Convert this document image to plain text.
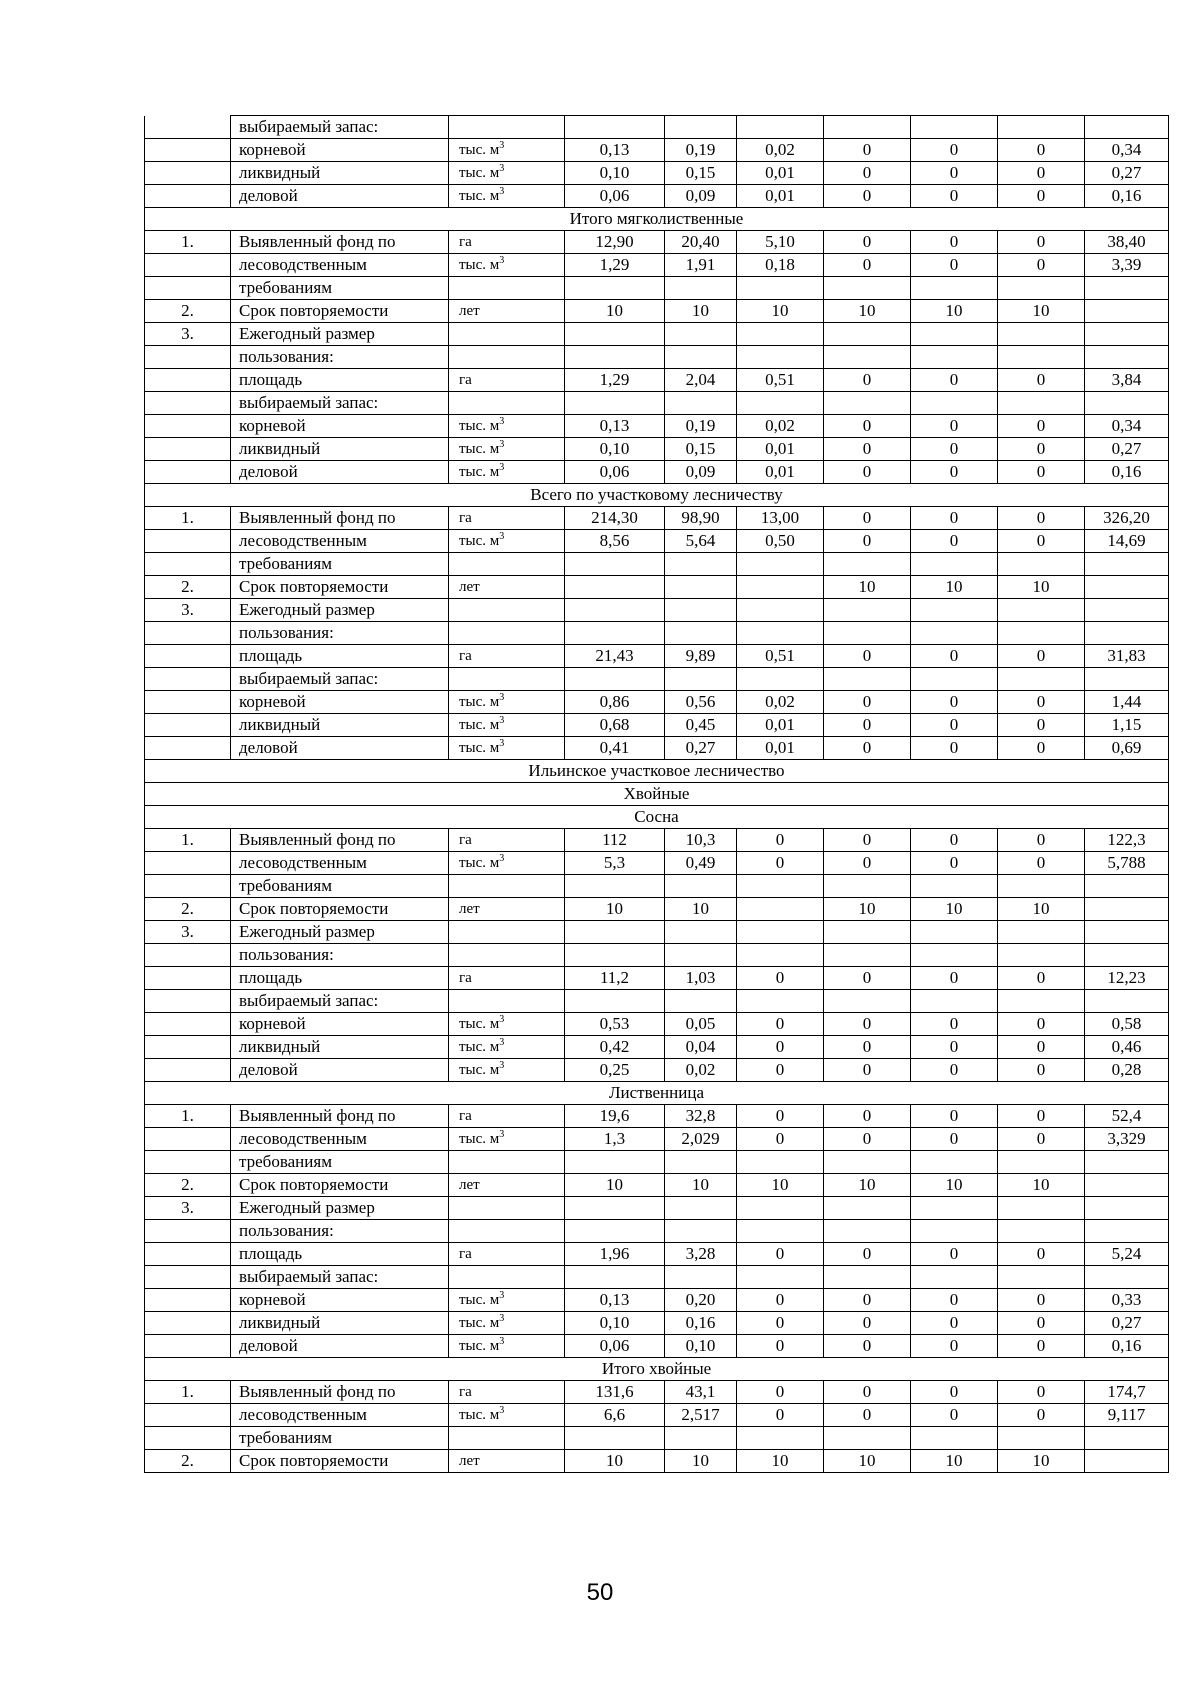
	выбираемый запас:								
	корневой	тыс. $м^3$	0,13	0,19	0,02	0	0	0	0,34
	ликвидный	тыс. $м^3$	0,10	0,15	0,01	0	0	0	0,27
	деловой	тыс. $м^3$	0,06	0,09	0,01	0	0	0	0,16
Итого мягколиственные									
1.	Выявленный фонд по	га	12,90	20,40	5,10	0	0	0	38,40
	лесоводственным	тыс. $м^3$	1,29	1,91	0,18	0	0	0	3,39
	требованиям								
2.	Срок повторяемости	лет	10	10	10	10	10	10	
3.	Ежегодный размер								
	пользования:								
	площадь	га	1,29	2,04	0,51	0	0	0	3,84
	выбираемый запас:								
	корневой	тыс. $м^3$	0,13	0,19	0,02	0	0	0	0,34
	ликвидный	тыс. $м^3$	0,10	0,15	0,01	0	0	0	0,27
	деловой	тыс. $м^3$	0,06	0,09	0,01	0	0	0	0,16
Всего по участковому лесничеству									
1.	Выявленный фонд по	га	214,30	98,90	13,00	0	0	0	326,20
	лесоводственным	тыс. $м^3$	8,56	5,64	0,50	0	0	0	14,69
	требованиям								
2.	Срок повторяемости	лет				10	10	10	
3.	Ежегодный размер								
	пользования:								
	площадь	га	21,43	9,89	0,51	0	0	0	31,83
	выбираемый запас:								
	корневой	тыс. $м^3$	0,86	0,56	0,02	0	0	0	1,44
	ликвидный	тыс. $м^3$	0,68	0,45	0,01	0	0	0	1,15
	деловой	тыс. $м^3$	0,41	0,27	0,01	0	0	0	0,69
Ильинское участковое лесничество									
Хвойные									
Сосна									
1.	Выявленный фонд по	га	112	10,3	0	0	0	0	122,3
	лесоводственным	тыс. $м^3$	5,3	0,49	0	0	0	0	5,788
	требованиям								
2.	Срок повторяемости	лет	10	10		10	10	10	
3.	Ежегодный размер								
	пользования:								
	площадь	га	11,2	1,03	0	0	0	0	12,23
	выбираемый запас:								
	корневой	тыс. $м^3$	0,53	0,05	0	0	0	0	0,58
	ликвидный	тыс. $м^3$	0,42	0,04	0	0	0	0	0,46
	деловой	тыс. $м^3$	0,25	0,02	0	0	0	0	0,28
Лиственница									
1.	Выявленный фонд по	га	19,6	32,8	0	0	0	0	52,4
	лесоводственным	тыс. $м^3$	1,3	2,029	0	0	0	0	3,329
	требованиям								
2.	Срок повторяемости	лет	10	10	10	10	10	10	
3.	Ежегодный размер								
	пользования:								
	площадь	га	1,96	3,28	0	0	0	0	5,24
	выбираемый запас:								
	корневой	тыс. $м^3$	0,13	0,20	0	0	0	0	0,33
	ликвидный	тыс. $м^3$	0,10	0,16	0	0	0	0	0,27
	деловой	тыс. $м^3$	0,06	0,10	0	0	0	0	0,16
Итого хвойные									
1.	Выявленный фонд по	га	131,6	43,1	0	0	0	0	174,7
	лесоводственным	тыс. $м^3$	6,6	2,517	0	0	0	0	9,117
	требованиям								
2.	Срок повторяемости	лет	10	10	10	10	10	10	
50
